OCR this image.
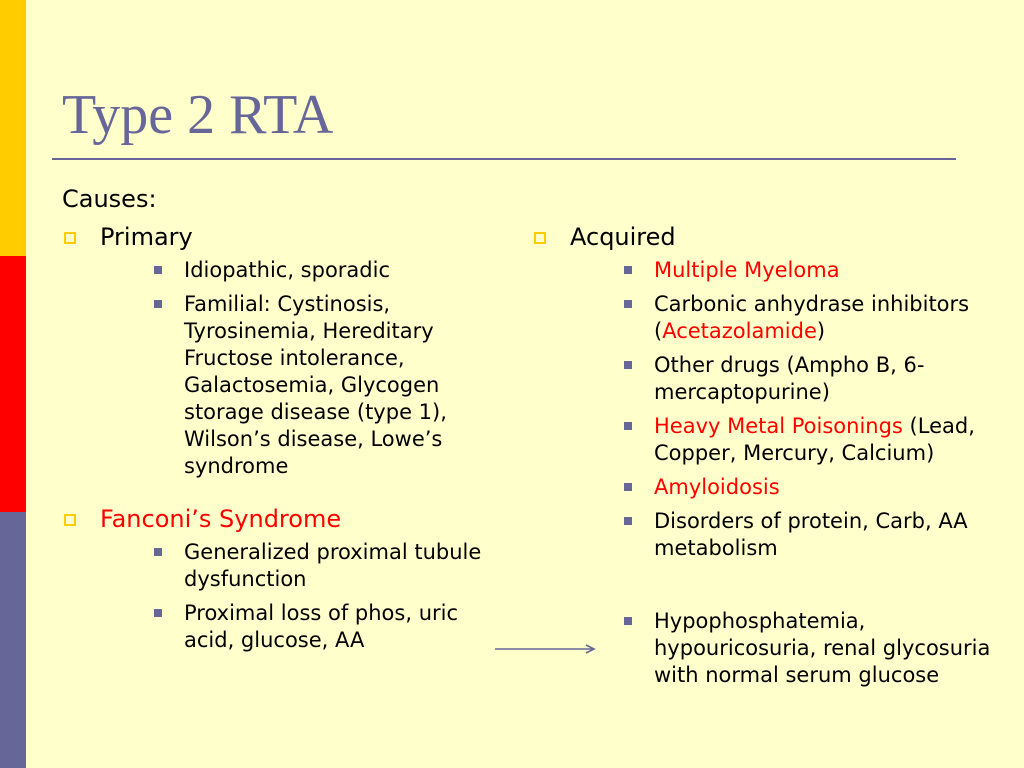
Type 2 RTA
Causes:
Primary
Idiopathic, sporadic
Familial: Cystinosis, Tyrosinemia, Hereditary Fructose intolerance, Galactosemia, Glycogen storage disease (type 1), Wilson’s disease, Lowe’s syndrome
Fanconi’s Syndrome
Generalized proximal tubule dysfunction
Proximal loss of phos, uric acid, glucose, AA
Acquired
Multiple Myeloma
Carbonic anhydrase inhibitors (Acetazolamide)
Other drugs (Ampho B, 6-mercaptopurine)
Heavy Metal Poisonings (Lead, Copper, Mercury, Calcium)
Amyloidosis
Disorders of protein, Carb, AA metabolism
Hypophosphatemia, hypouricosuria, renal glycosuria with normal serum glucose
